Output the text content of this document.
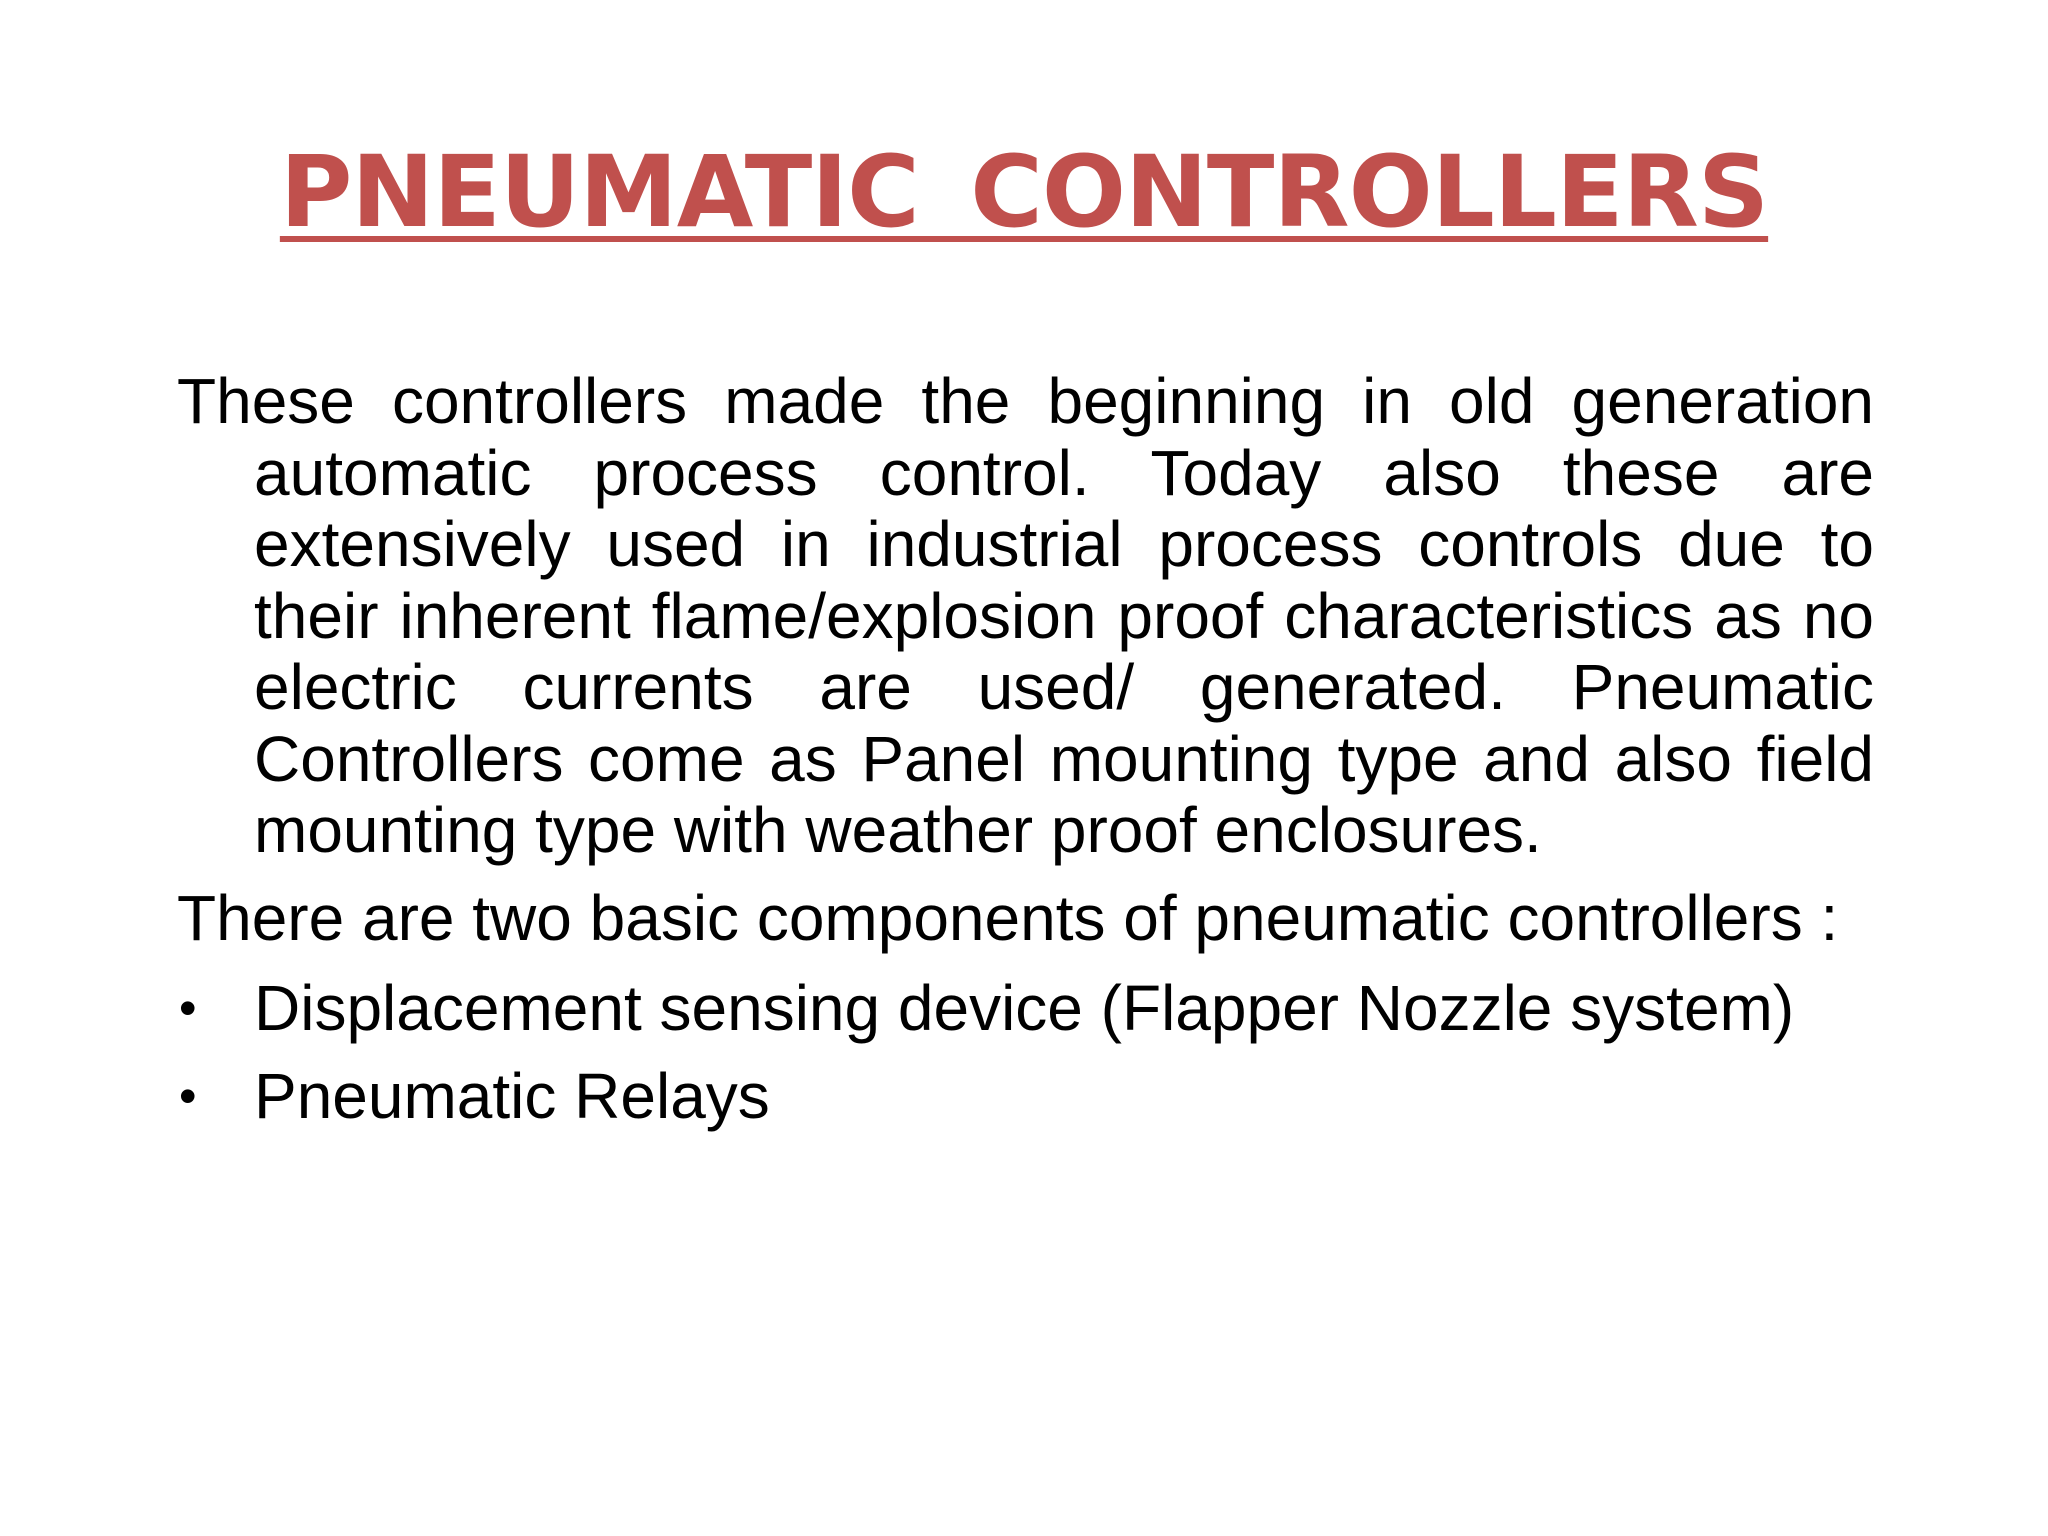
PNEUMATIC CONTROLLERS

These controllers made the beginning in old generation automatic process control. Today also these are extensively used in industrial process controls due to their inherent flame/explosion proof characteristics as no electric currents are used/ generated. Pneumatic Controllers come as Panel mounting type and also field mounting type with weather proof enclosures.

There are two basic components of pneumatic controllers :

• Displacement sensing device (Flapper Nozzle system)
• Pneumatic Relays
